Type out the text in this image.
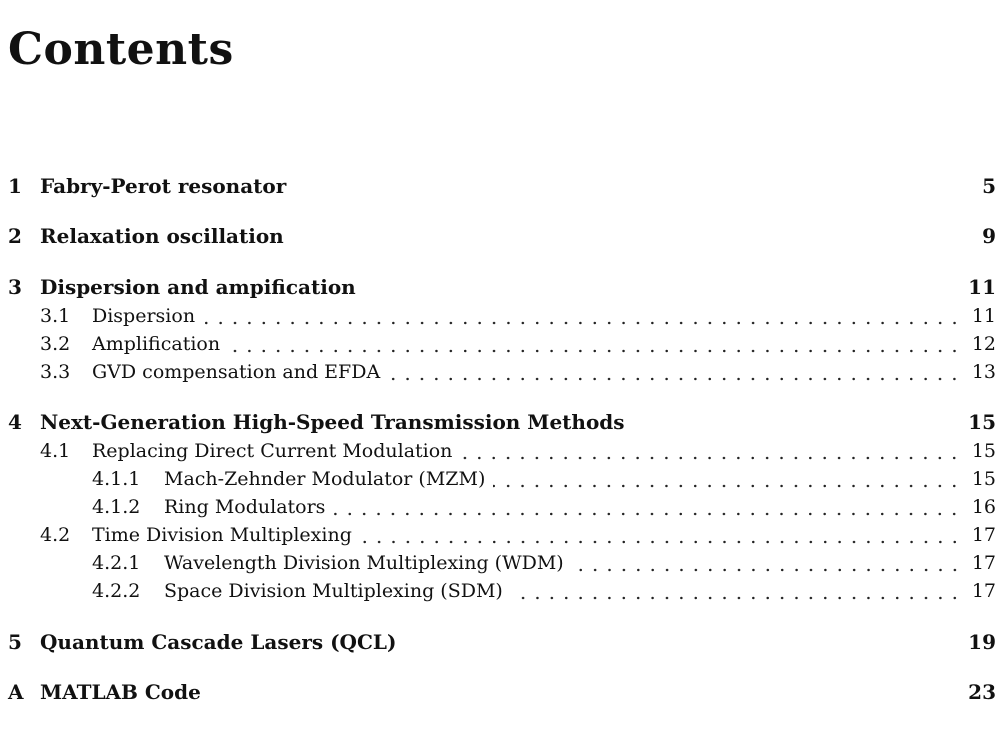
Contents
1 Fabry-Perot resonator	5
2 Relaxation oscillation	9
3 Dispersion and ampification	11
3.1	Dispersion	11
3.2	Amplification	12
3.3	GVD compensation and EFDA	13
4 Next-Generation High-Speed Transmission Methods	15
4.1	Replacing Direct Current Modulation	15
4.1.1	Mach-Zehnder Modulator (MZM)	15
4.1.2	Ring Modulators	16
4.2	Time Division Multiplexing	17
4.2.1	Wavelength Division Multiplexing (WDM)	17
4.2.2	Space Division Multiplexing (SDM)	17
5 Quantum Cascade Lasers (QCL)	19
A MATLAB Code	23
